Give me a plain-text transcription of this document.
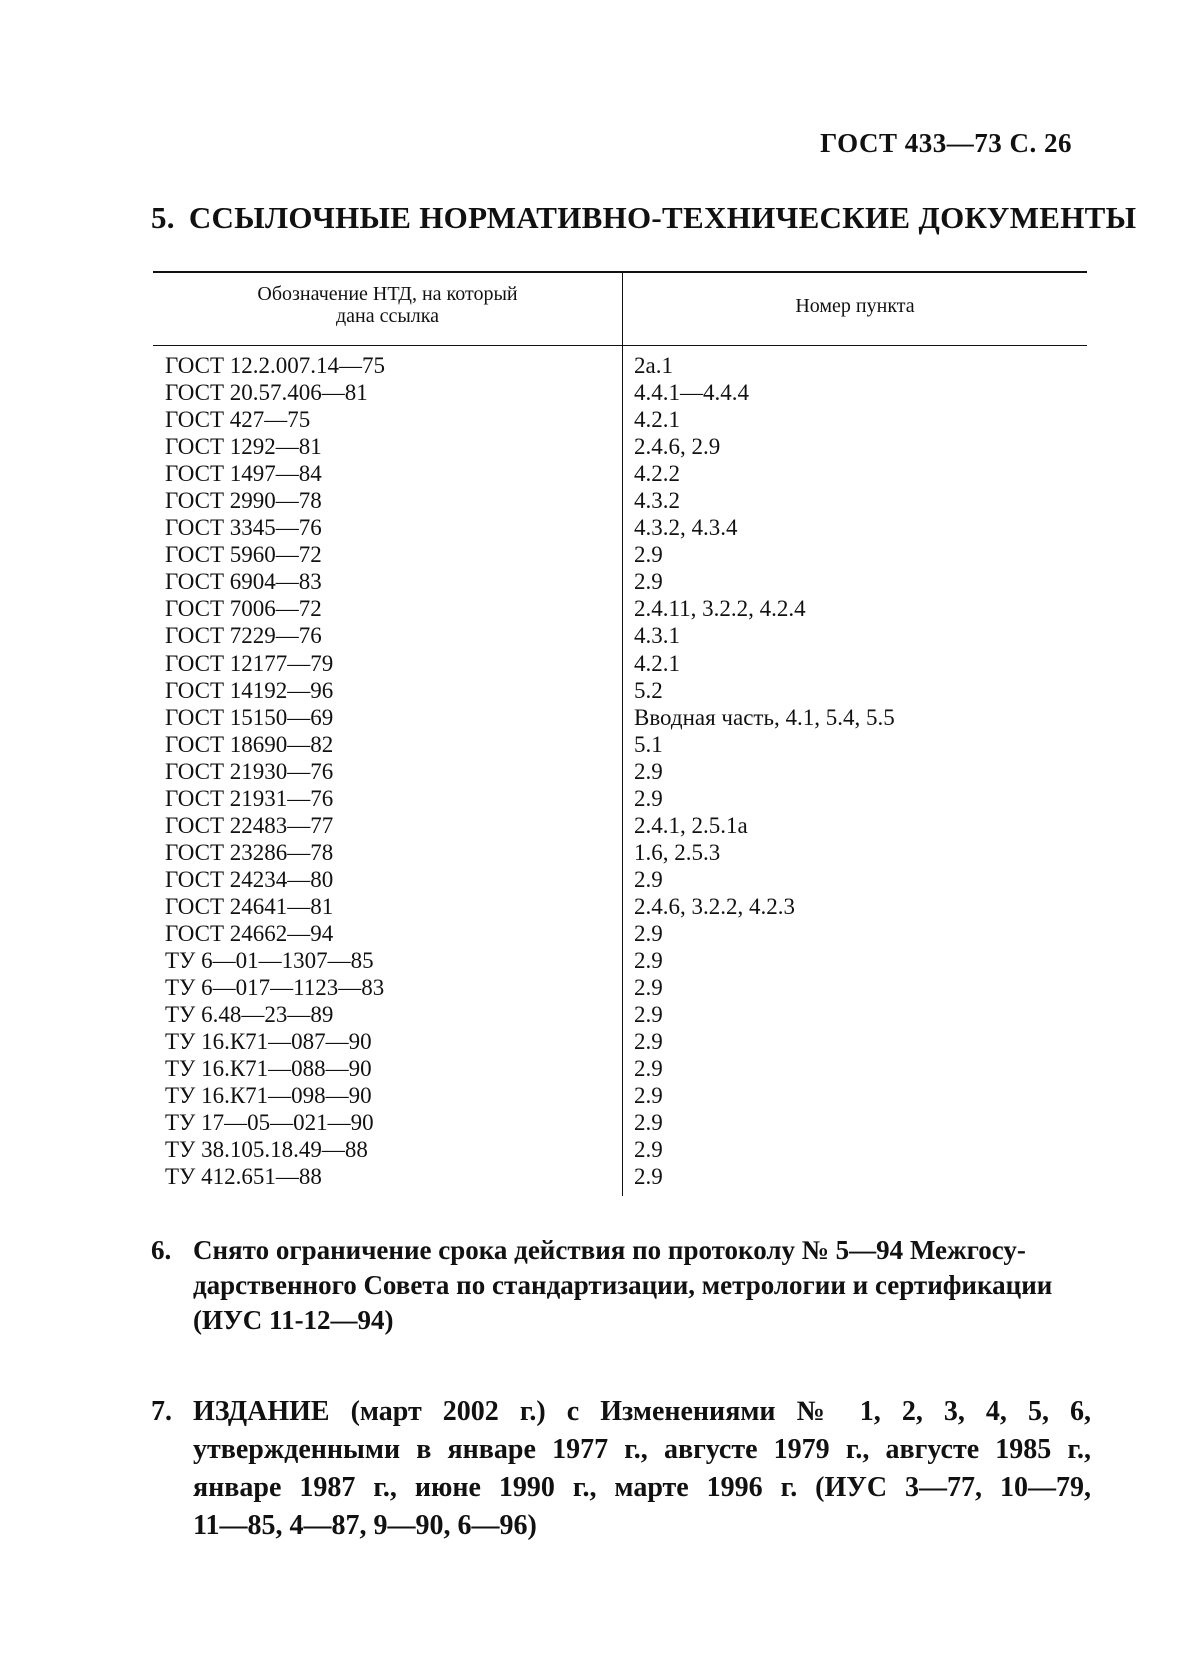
ГОСТ 433—73 С. 26
5. ССЫЛОЧНЫЕ НОРМАТИВНО-ТЕХНИЧЕСКИЕ ДОКУМЕНТЫ
Обозначение НТД, на который
дана ссылка	Номер пункта
ГОСТ 12.2.007.14—75	2а.1
ГОСТ 20.57.406—81	4.4.1—4.4.4
ГОСТ 427—75	4.2.1
ГОСТ 1292—81	2.4.6, 2.9
ГОСТ 1497—84	4.2.2
ГОСТ 2990—78	4.3.2
ГОСТ 3345—76	4.3.2, 4.3.4
ГОСТ 5960—72	2.9
ГОСТ 6904—83	2.9
ГОСТ 7006—72	2.4.11, 3.2.2, 4.2.4
ГОСТ 7229—76	4.3.1
ГОСТ 12177—79	4.2.1
ГОСТ 14192—96	5.2
ГОСТ 15150—69	Вводная часть, 4.1, 5.4, 5.5
ГОСТ 18690—82	5.1
ГОСТ 21930—76	2.9
ГОСТ 21931—76	2.9
ГОСТ 22483—77	2.4.1, 2.5.1а
ГОСТ 23286—78	1.6, 2.5.3
ГОСТ 24234—80	2.9
ГОСТ 24641—81	2.4.6, 3.2.2, 4.2.3
ГОСТ 24662—94	2.9
ТУ 6—01—1307—85	2.9
ТУ 6—017—1123—83	2.9
ТУ 6.48—23—89	2.9
ТУ 16.К71—087—90	2.9
ТУ 16.К71—088—90	2.9
ТУ 16.К71—098—90	2.9
ТУ 17—05—021—90	2.9
ТУ 38.105.18.49—88	2.9
ТУ 412.651—88	2.9
6. Снято ограничение срока действия по протоколу № 5—94 Межгосу-
дарственного Совета по стандартизации, метрологии и сертификации
(ИУС 11-12—94)
7. ИЗДАНИЕ (март 2002 г.) с Изменениями № 1, 2, 3, 4, 5, 6,
утвержденными в январе 1977 г., августе 1979 г., августе 1985 г.,
январе 1987 г., июне 1990 г., марте 1996 г. (ИУС 3—77, 10—79,
11—85, 4—87, 9—90, 6—96)
